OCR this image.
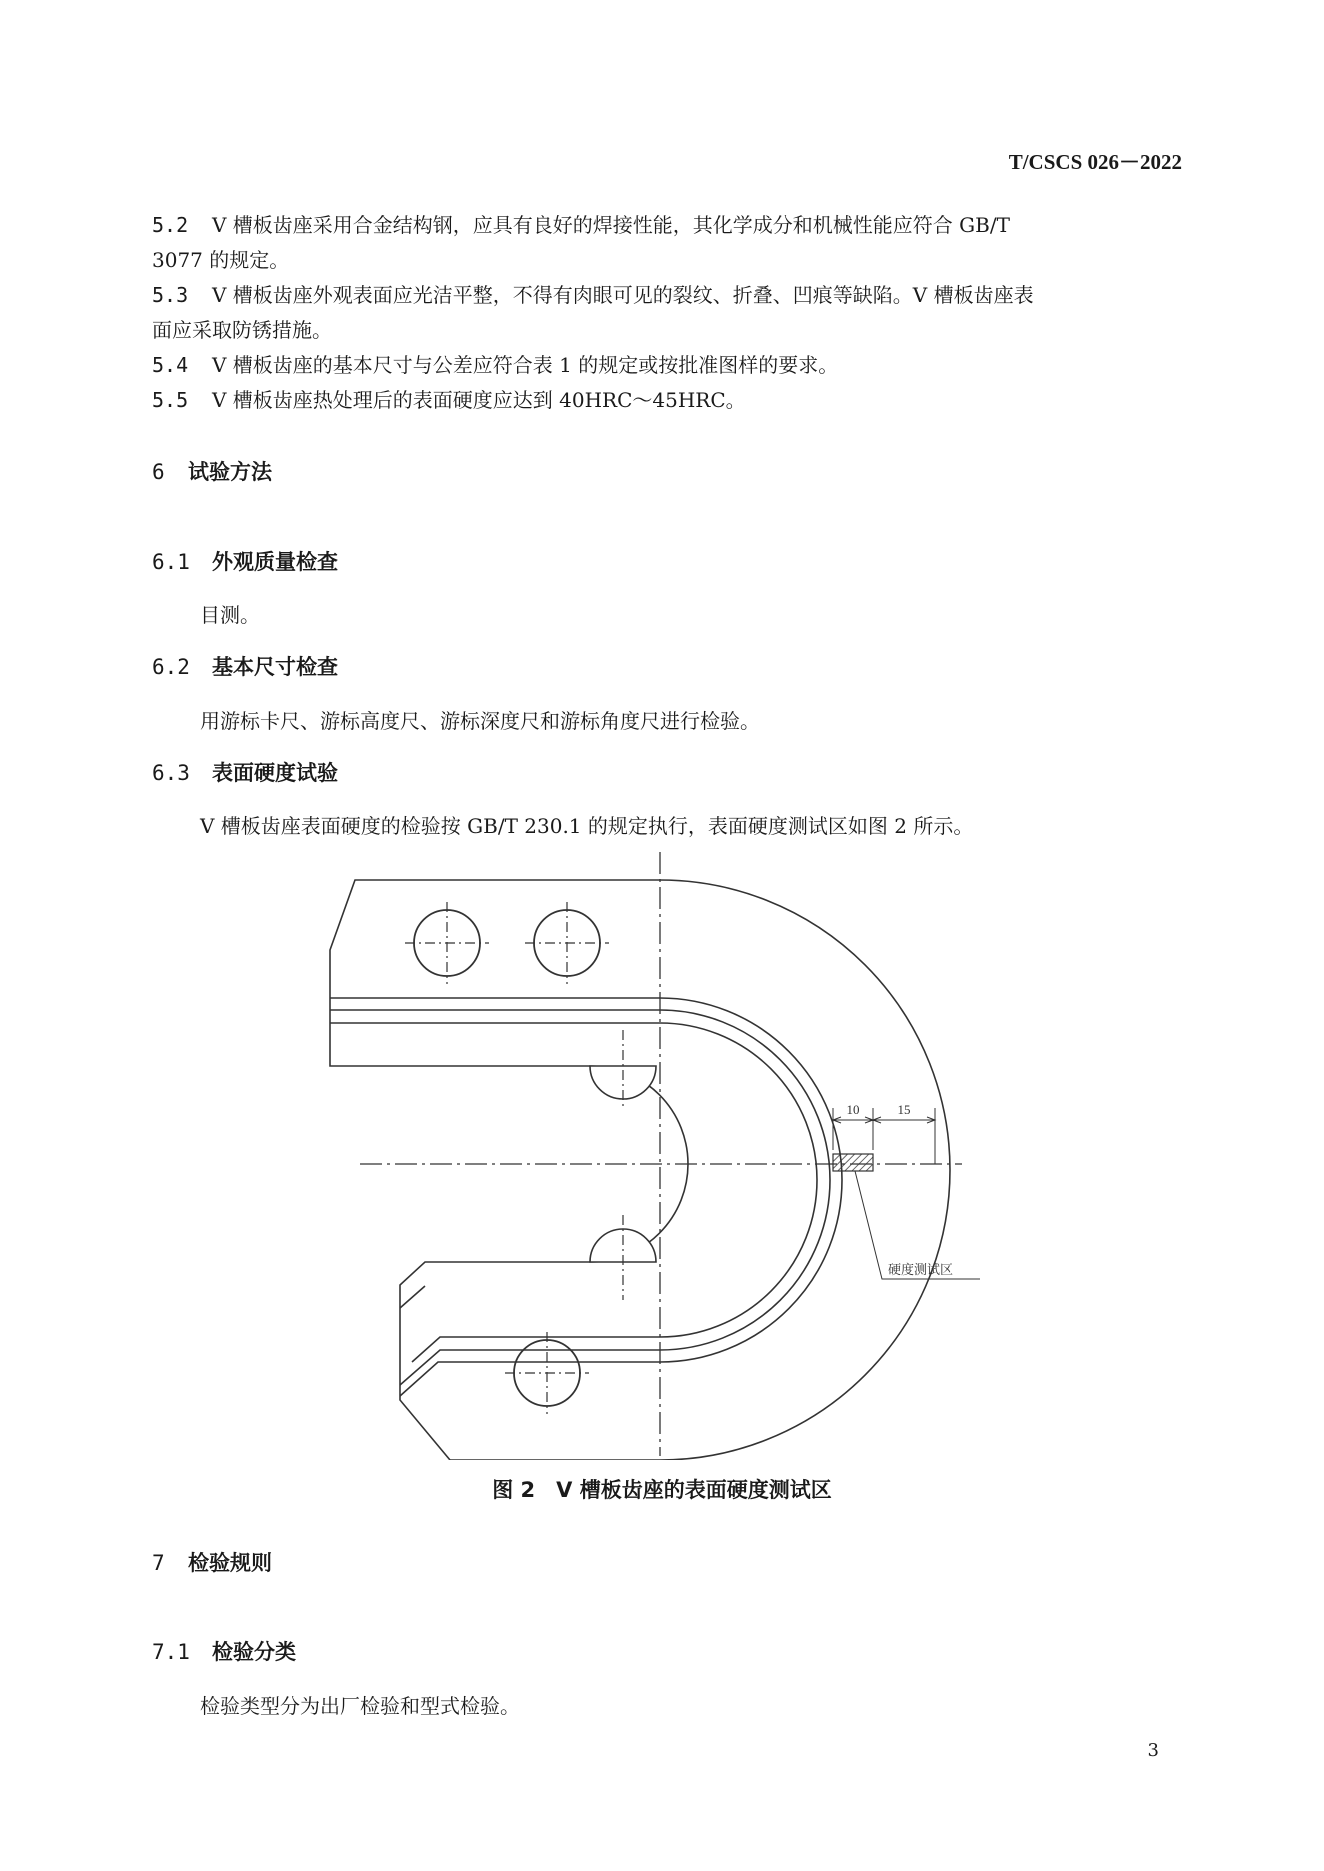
T/CSCS 026－2022
5.2 V 槽板齿座采用合金结构钢，应具有良好的焊接性能，其化学成分和机械性能应符合 GB/T
3077 的规定。
5.3 V 槽板齿座外观表面应光洁平整，不得有肉眼可见的裂纹、折叠、凹痕等缺陷。V 槽板齿座表
面应采取防锈措施。
5.4 V 槽板齿座的基本尺寸与公差应符合表 1 的规定或按批准图样的要求。
5.5 V 槽板齿座热处理后的表面硬度应达到 40HRC～45HRC。
6 试验方法
6.1 外观质量检查
目测。
6.2 基本尺寸检查
用游标卡尺、游标高度尺、游标深度尺和游标角度尺进行检验。
6.3 表面硬度试验
V 槽板齿座表面硬度的检验按 GB/T 230.1 的规定执行，表面硬度测试区如图 2 所示。
10	15
硬度测试区
图 2　V 槽板齿座的表面硬度测试区
7 检验规则
7.1 检验分类
检验类型分为出厂检验和型式检验。
3
